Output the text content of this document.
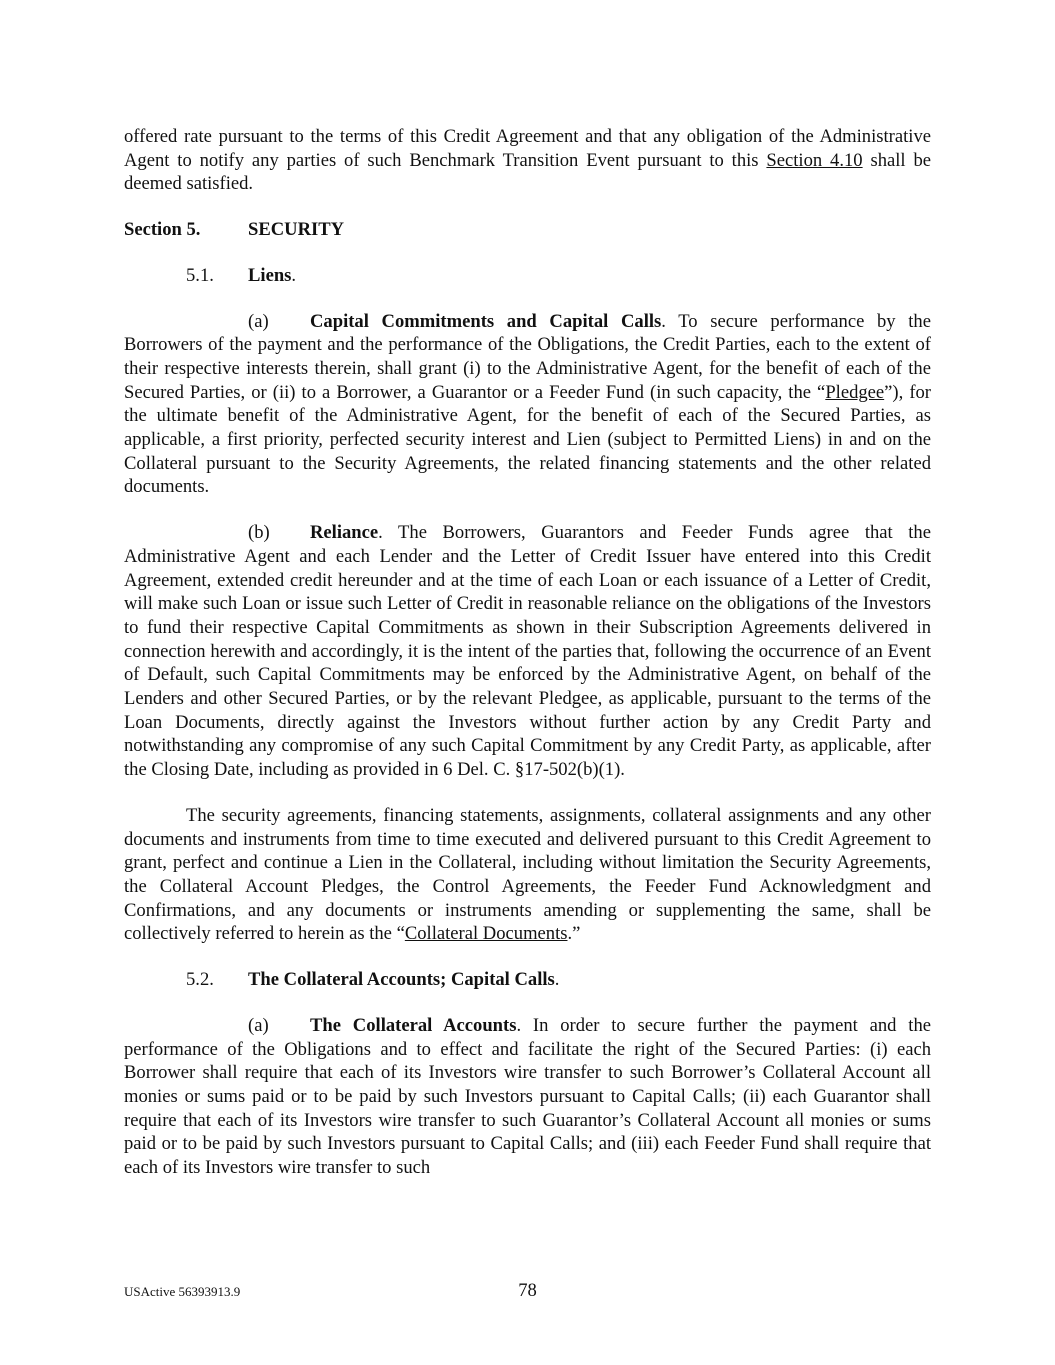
offered rate pursuant to the terms of this Credit Agreement and that any obligation of the Administrative Agent to notify any parties of such Benchmark Transition Event pursuant to this Section 4.10 shall be deemed satisfied.

Section 5.	SECURITY

5.1. Liens.

(a) Capital Commitments and Capital Calls. To secure performance by the Borrowers of the payment and the performance of the Obligations, the Credit Parties, each to the extent of their respective interests therein, shall grant (i) to the Administrative Agent, for the benefit of each of the Secured Parties, or (ii) to a Borrower, a Guarantor or a Feeder Fund (in such capacity, the “Pledgee”), for the ultimate benefit of the Administrative Agent, for the benefit of each of the Secured Parties, as applicable, a first priority, perfected security interest and Lien (subject to Permitted Liens) in and on the Collateral pursuant to the Security Agreements, the related financing statements and the other related documents.

(b) Reliance. The Borrowers, Guarantors and Feeder Funds agree that the Administrative Agent and each Lender and the Letter of Credit Issuer have entered into this Credit Agreement, extended credit hereunder and at the time of each Loan or each issuance of a Letter of Credit, will make such Loan or issue such Letter of Credit in reasonable reliance on the obligations of the Investors to fund their respective Capital Commitments as shown in their Subscription Agreements delivered in connection herewith and accordingly, it is the intent of the parties that, following the occurrence of an Event of Default, such Capital Commitments may be enforced by the Administrative Agent, on behalf of the Lenders and other Secured Parties, or by the relevant Pledgee, as applicable, pursuant to the terms of the Loan Documents, directly against the Investors without further action by any Credit Party and notwithstanding any compromise of any such Capital Commitment by any Credit Party, as applicable, after the Closing Date, including as provided in 6 Del. C. §17-502(b)(1).

The security agreements, financing statements, assignments, collateral assignments and any other documents and instruments from time to time executed and delivered pursuant to this Credit Agreement to grant, perfect and continue a Lien in the Collateral, including without limitation the Security Agreements, the Collateral Account Pledges, the Control Agreements, the Feeder Fund Acknowledgment and Confirmations, and any documents or instruments amending or supplementing the same, shall be collectively referred to herein as the “Collateral Documents.”

5.2. The Collateral Accounts; Capital Calls.

(a) The Collateral Accounts. In order to secure further the payment and the performance of the Obligations and to effect and facilitate the right of the Secured Parties: (i) each Borrower shall require that each of its Investors wire transfer to such Borrower’s Collateral Account all monies or sums paid or to be paid by such Investors pursuant to Capital Calls; (ii) each Guarantor shall require that each of its Investors wire transfer to such Guarantor’s Collateral Account all monies or sums paid or to be paid by such Investors pursuant to Capital Calls; and (iii) each Feeder Fund shall require that each of its Investors wire transfer to such

USActive 56393913.9	78
